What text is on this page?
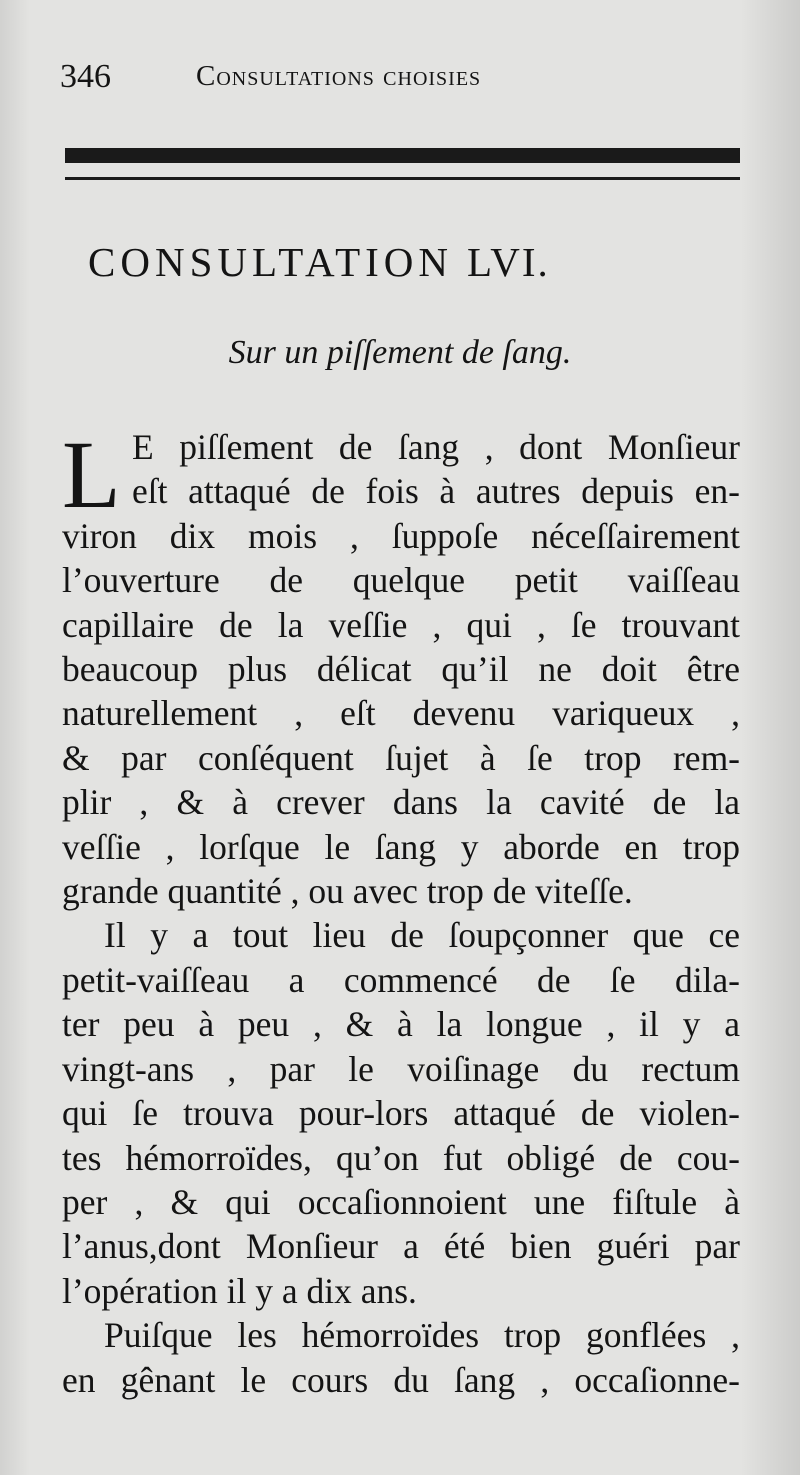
346	Consultations choisies
CONSULTATION LVI.
Sur un piſſement de ſang.
L E piſſement de ſang , dont Monſieur
eſt attaqué de fois à autres depuis en-
viron dix mois , ſuppoſe néceſſairement
l’ouverture de quelque petit vaiſſeau
capillaire de la veſſie , qui , ſe trouvant
beaucoup plus délicat qu’il ne doit être
naturellement , eſt devenu variqueux ,
& par conſéquent ſujet à ſe trop rem-
plir , & à crever dans la cavité de la
veſſie , lorſque le ſang y aborde en trop
grande quantité , ou avec trop de viteſſe.
Il y a tout lieu de ſoupçonner que ce
petit-vaiſſeau a commencé de ſe dila-
ter peu à peu , & à la longue , il y a
vingt-ans , par le voiſinage du rectum
qui ſe trouva pour-lors attaqué de violen-
tes hémorroïdes, qu’on fut obligé de cou-
per , & qui occaſionnoient une fiſtule à
l’anus,dont Monſieur a été bien guéri par
l’opération il y a dix ans.
Puiſque les hémorroïdes trop gonflées ,
en gênant le cours du ſang , occaſionne-
